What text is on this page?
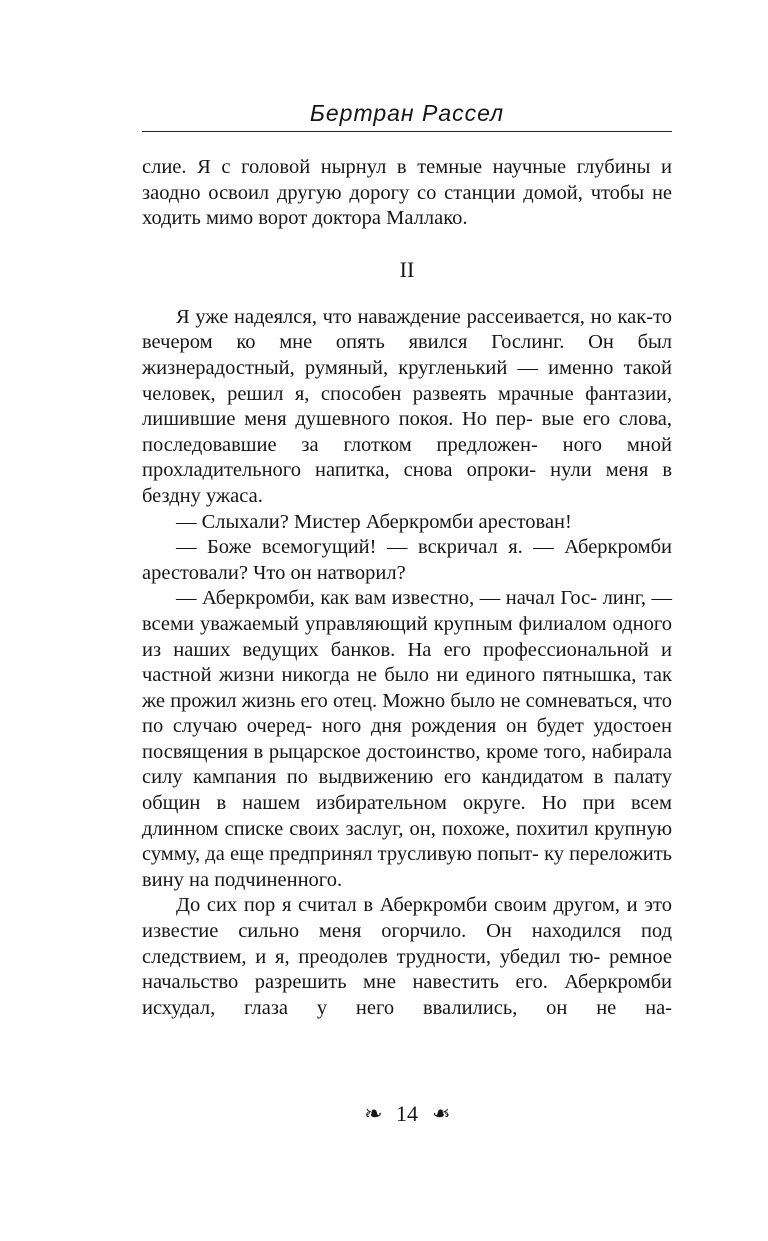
Бертран Рассел

слие. Я с головой нырнул в темные научные глубины и заодно освоил другую дорогу со станции домой, чтобы не ходить мимо ворот доктора Маллако.

II

Я уже надеялся, что наваждение рассеивается, но как-то вечером ко мне опять явился Гослинг. Он был жизнерадостный, румяный, кругленький — именно такой человек, решил я, способен развеять мрачные фантазии, лишившие меня душевного покоя. Но пер- вые его слова, последовавшие за глотком предложен- ного мной прохладительного напитка, снова опроки- нули меня в бездну ужаса.

— Слыхали? Мистер Аберкромби арестован!

— Боже всемогущий! — вскричал я. — Аберкромби арестовали? Что он натворил?

— Аберкромби, как вам известно, — начал Гос- линг, — всеми уважаемый управляющий крупным филиалом одного из наших ведущих банков. На его профессиональной и частной жизни никогда не было ни единого пятнышка, так же прожил жизнь его отец. Можно было не сомневаться, что по случаю очеред- ного дня рождения он будет удостоен посвящения в рыцарское достоинство, кроме того, набирала силу кампания по выдвижению его кандидатом в палату общин в нашем избирательном округе. Но при всем длинном списке своих заслуг, он, похоже, похитил крупную сумму, да еще предпринял трусливую попыт- ку переложить вину на подчиненного.

До сих пор я считал в Аберкромби своим другом, и это известие сильно меня огорчило. Он находился под следствием, и я, преодолев трудности, убедил тю- ремное начальство разрешить мне навестить его. Аберкромби исхудал, глаза у него ввалились, он не на-

❧ 14 ❧
